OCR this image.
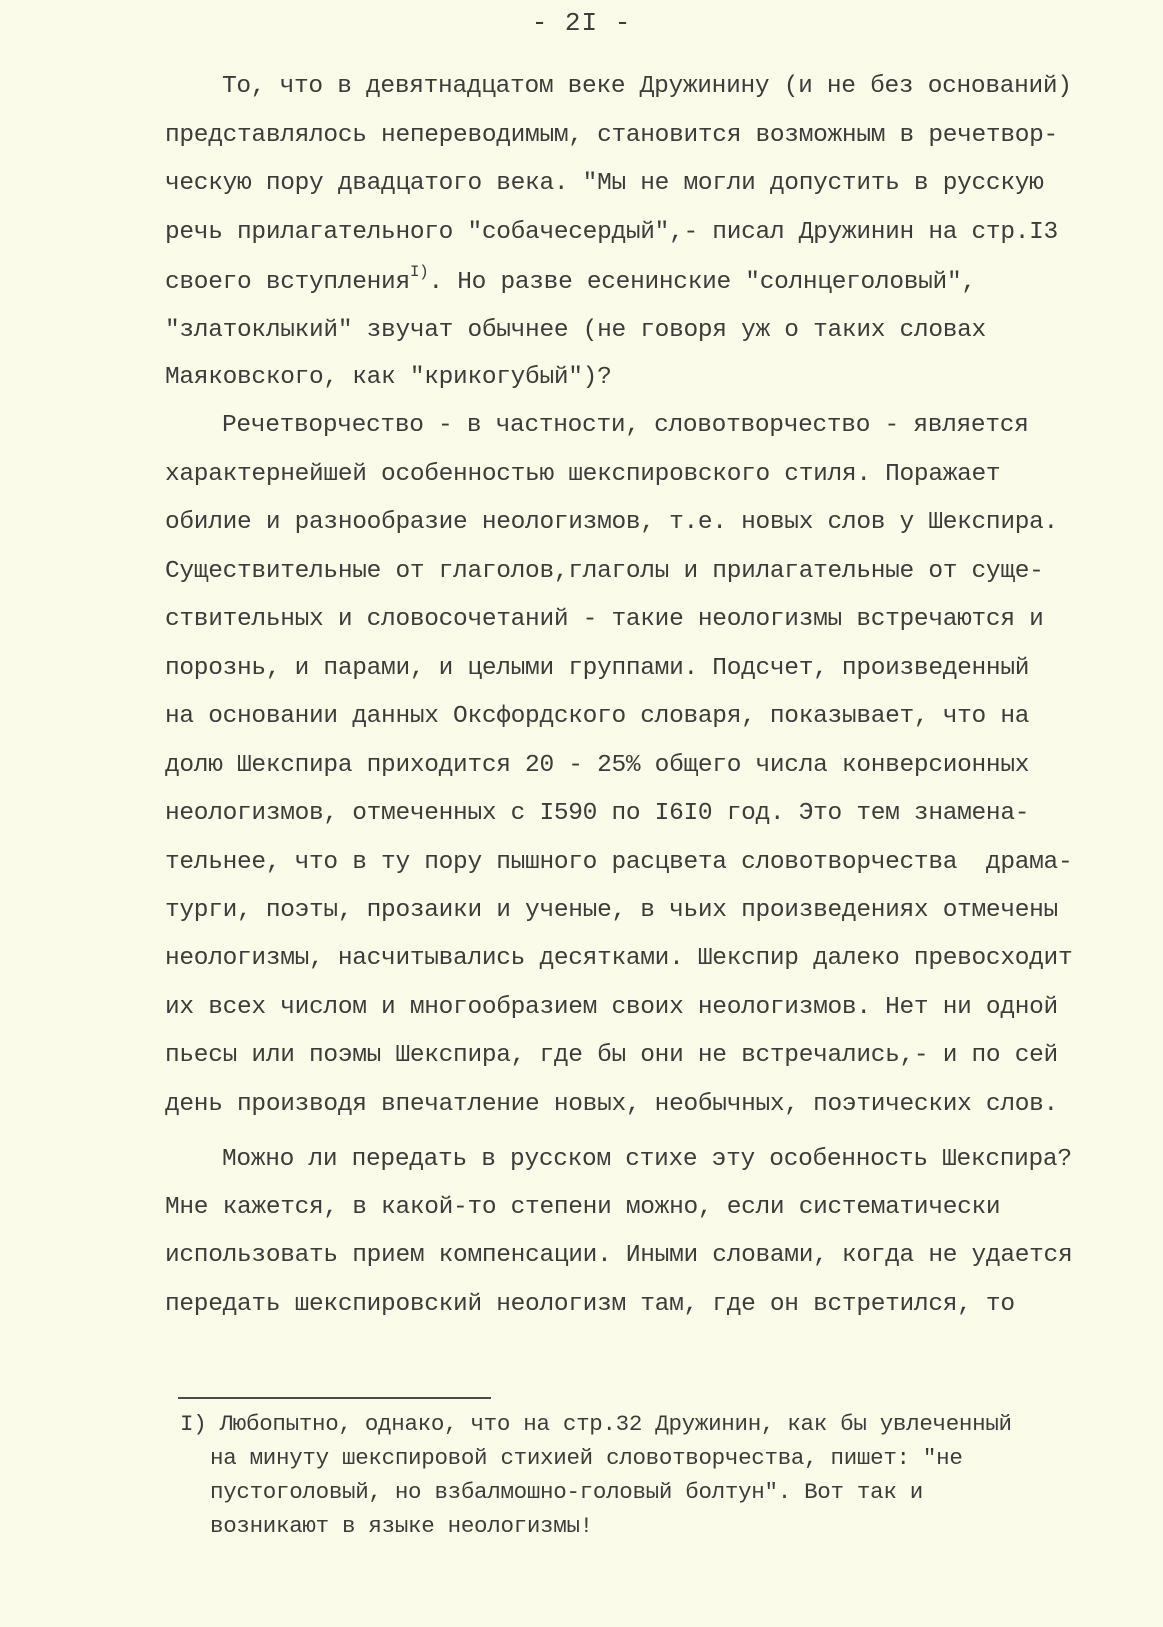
- 2I -
То, что в девятнадцатом веке Дружинину (и не без оснований)
представлялось непереводимым, становится возможным в речетвор-
ческую пору двадцатого века. "Мы не могли допустить в русскую
речь прилагательного "собачесердый",- писал Дружинин на стр.I3
своего вступления$^{I)}$. Но разве есенинские "солнцеголовый",
"златоклыкий" звучат обычнее (не говоря уж о таких словах
Маяковского, как "крикогубый")?
Речетворчество - в частности, словотворчество - является
характернейшей особенностью шекспировского стиля. Поражает
обилие и разнообразие неологизмов, т.е. новых слов у Шекспира.
Существительные от глаголов,глаголы и прилагательные от суще-
ствительных и словосочетаний - такие неологизмы встречаются и
порознь, и парами, и целыми группами. Подсчет, произведенный
на основании данных Оксфордского словаря, показывает, что на
долю Шекспира приходится 20 - 25% общего числа конверсионных
неологизмов, отмеченных с I590 по I6I0 год. Это тем знамена-
тельнее, что в ту пору пышного расцвета словотворчества  драма-
турги, поэты, прозаики и ученые, в чьих произведениях отмечены
неологизмы, насчитывались десятками. Шекспир далеко превосходит
их всех числом и многообразием своих неологизмов. Нет ни одной
пьесы или поэмы Шекспира, где бы они не встречались,- и по сей
день производя впечатление новых, необычных, поэтических слов.
Можно ли передать в русском стихе эту особенность Шекспира?
Мне кажется, в какой-то степени можно, если систематически
использовать прием компенсации. Иными словами, когда не удается
передать шекспировский неологизм там, где он встретился, то
I) Любопытно, однако, что на стр.32 Дружинин, как бы увлеченный
на минуту шекспировой стихией словотворчества, пишет: "не
пустоголовый, но взбалмошно-головый болтун". Вот так и
возникают в языке неологизмы!
